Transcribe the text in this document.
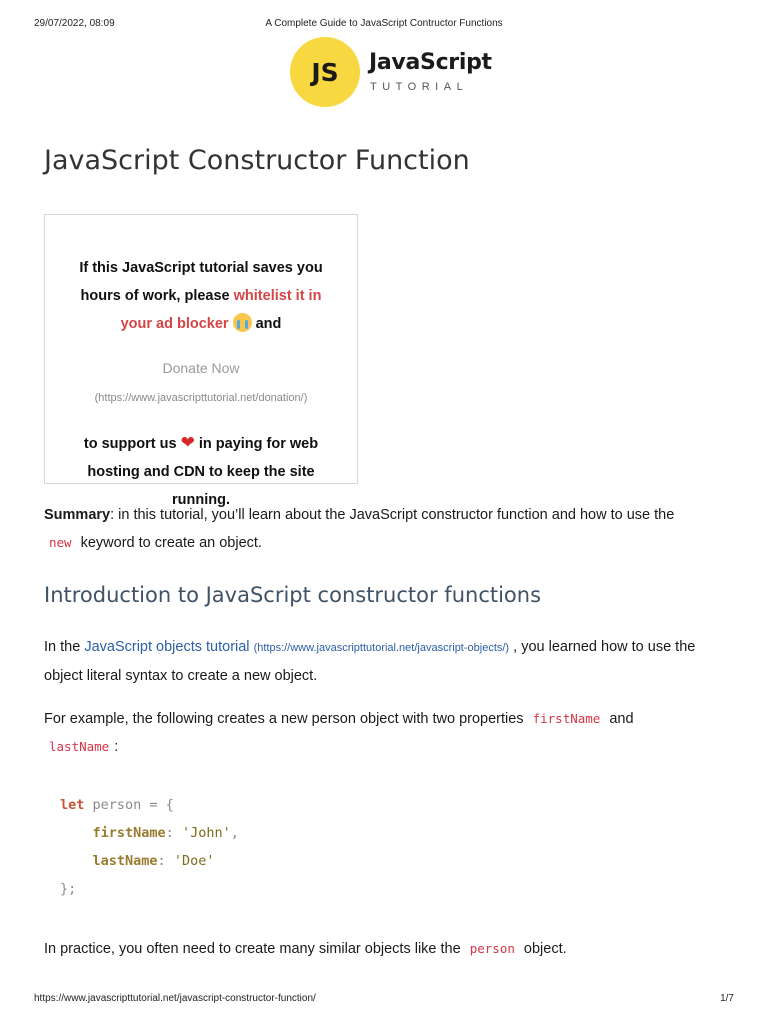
29/07/2022, 08:09	A Complete Guide to JavaScript Contructor Functions
JS	JavaScript
TUTORIAL
JavaScript Constructor Function
If this JavaScript tutorial saves you hours of work, please whitelist it in your ad blocker  and
Donate Now
(https://www.javascripttutorial.net/donation/)
to support us ❤ in paying for web hosting and CDN to keep the site running.
Summary: in this tutorial, you’ll learn about the JavaScript constructor function and how to use the
new keyword to create an object.
Introduction to JavaScript constructor functions
In the JavaScript objects tutorial (https://www.javascripttutorial.net/javascript-objects/) , you learned how to use the object literal syntax to create a new object.
For example, the following creates a new person object with two properties firstName and
lastName :
let person = {
firstName: 'John',
lastName: 'Doe'
};
In practice, you often need to create many similar objects like the person object.
https://www.javascripttutorial.net/javascript-constructor-function/	1/7
